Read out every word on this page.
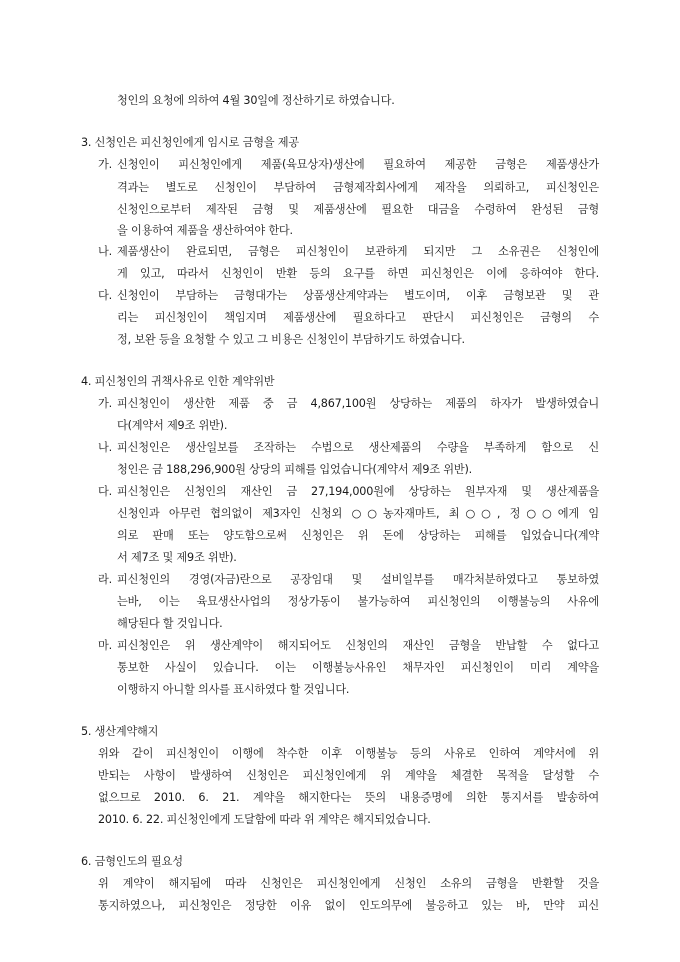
청인의 요청에 의하여 4월 30일에 정산하기로 하였습니다.
3. 신청인은 피신청인에게 임시로 금형을 제공
가. 신청인이 피신청인에게 제품(육묘상자)생산에 필요하여 제공한 금형은 제품생산가
격과는 별도로 신청인이 부담하여 금형제작회사에게 제작을 의뢰하고, 피신청인은
신청인으로부터 제작된 금형 및 제품생산에 필요한 대금을 수령하여 완성된 금형
을 이용하여 제품을 생산하여야 한다.
나. 제품생산이 완료되면, 금형은 피신청인이 보관하게 되지만 그 소유권은 신청인에
게 있고, 따라서 신청인이 반환 등의 요구를 하면 피신청인은 이에 응하여야 한다.
다. 신청인이 부담하는 금형대가는 상품생산계약과는 별도이며, 이후 금형보관 및 관
리는 피신청인이 책임지며 제품생산에 필요하다고 판단시 피신청인은 금형의 수
정, 보완 등을 요청할 수 있고 그 비용은 신청인이 부담하기도 하였습니다.
4. 피신청인의 귀책사유로 인한 계약위반
가. 피신청인이 생산한 제품 중 금 4,867,100원 상당하는 제품의 하자가 발생하였습니
다(계약서 제9조 위반).
나. 피신청인은 생산일보를 조작하는 수법으로 생산제품의 수량을 부족하게 함으로 신
청인은 금 188,296,900원 상당의 피해를 입었습니다(계약서 제9조 위반).
다. 피신청인은 신청인의 재산인 금 27,194,000원에 상당하는 원부자재 및 생산제품을
신청인과 아무런 협의없이 제3자인 신청외 ○○농자재마트, 최○○, 정○○에게 임
의로 판매 또는 양도함으로써 신청인은 위 돈에 상당하는 피해를 입었습니다(계약
서 제7조 및 제9조 위반).
라. 피신청인의 경영(자금)란으로 공장임대 및 설비일부를 매각처분하였다고 통보하였
는바, 이는 육묘생산사업의 정상가동이 불가능하여 피신청인의 이행불능의 사유에
해당된다 할 것입니다.
마. 피신청인은 위 생산계약이 해지되어도 신청인의 재산인 금형을 반납할 수 없다고
통보한 사실이 있습니다. 이는 이행불능사유인 채무자인 피신청인이 미리 계약을
이행하지 아니할 의사를 표시하였다 할 것입니다.
5. 생산계약해지
위와 같이 피신청인이 이행에 착수한 이후 이행불능 등의 사유로 인하여 계약서에 위
반되는 사항이 발생하여 신청인은 피신청인에게 위 계약을 체결한 목적을 달성할 수
없으므로 2010. 6. 21. 계약을 해지한다는 뜻의 내용증명에 의한 통지서를 발송하여
2010. 6. 22. 피신청인에게 도달함에 따라 위 계약은 해지되었습니다.
6. 금형인도의 필요성
위 계약이 해지됨에 따라 신청인은 피신청인에게 신청인 소유의 금형을 반환할 것을
통지하였으나, 피신청인은 정당한 이유 없이 인도의무에 불응하고 있는 바, 만약 피신
